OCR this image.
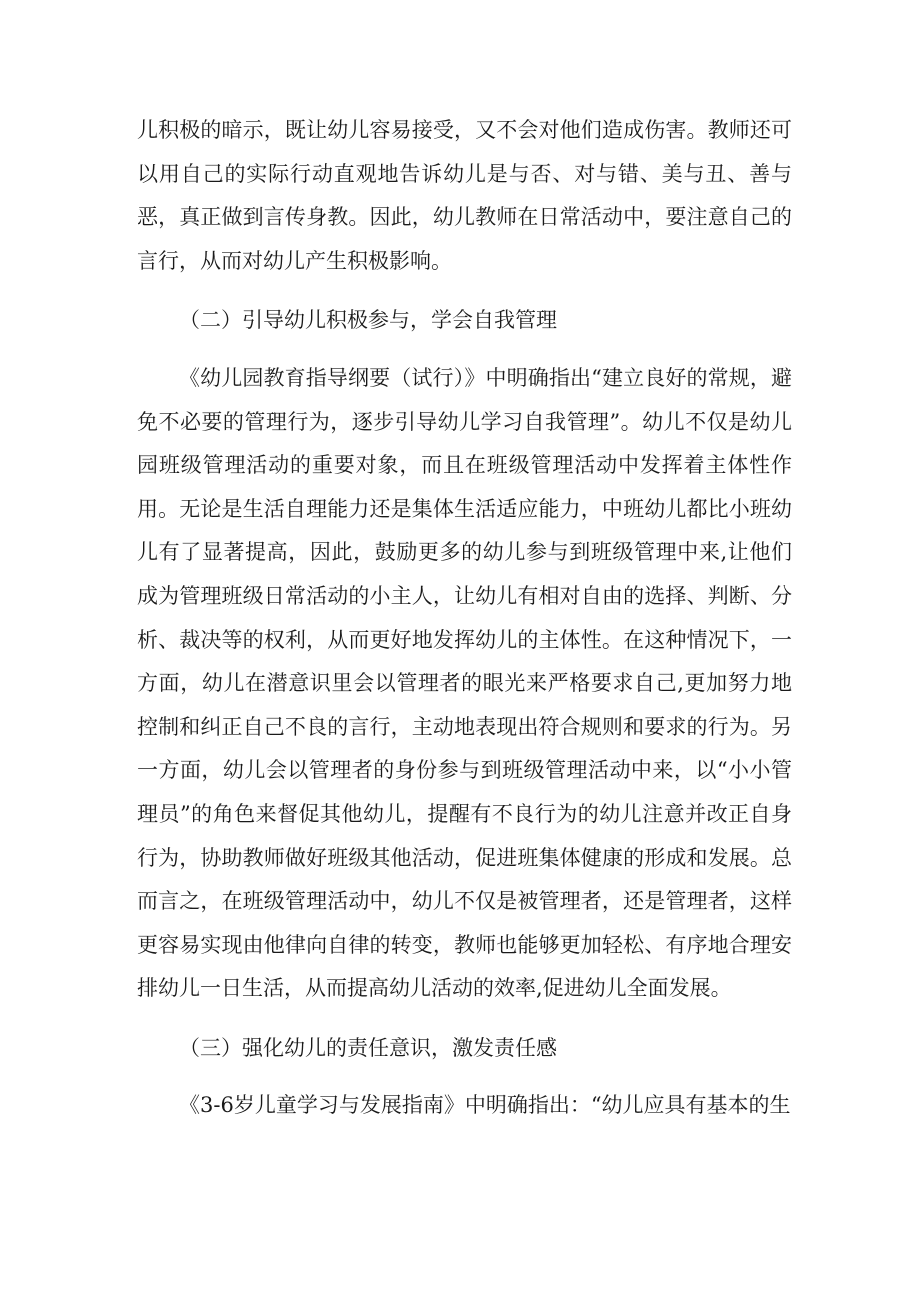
儿积极的暗示，既让幼儿容易接受，又不会对他们造成伤害。教师还可以用自己的实际行动直观地告诉幼儿是与否、对与错、美与丑、善与恶，真正做到言传身教。因此，幼儿教师在日常活动中，要注意自己的言行，从而对幼儿产生积极影响。

（二）引导幼儿积极参与，学会自我管理

《幼儿园教育指导纲要（试行）》中明确指出“建立良好的常规，避免不必要的管理行为，逐步引导幼儿学习自我管理”。幼儿不仅是幼儿园班级管理活动的重要对象，而且在班级管理活动中发挥着主体性作用。无论是生活自理能力还是集体生活适应能力，中班幼儿都比小班幼儿有了显著提高，因此，鼓励更多的幼儿参与到班级管理中来,让他们成为管理班级日常活动的小主人，让幼儿有相对自由的选择、判断、分析、裁决等的权利，从而更好地发挥幼儿的主体性。在这种情况下，一方面，幼儿在潜意识里会以管理者的眼光来严格要求自己,更加努力地控制和纠正自己不良的言行，主动地表现出符合规则和要求的行为。另一方面，幼儿会以管理者的身份参与到班级管理活动中来，以“小小管理员”的角色来督促其他幼儿，提醒有不良行为的幼儿注意并改正自身行为，协助教师做好班级其他活动，促进班集体健康的形成和发展。总而言之，在班级管理活动中，幼儿不仅是被管理者，还是管理者，这样更容易实现由他律向自律的转变，教师也能够更加轻松、有序地合理安排幼儿一日生活，从而提高幼儿活动的效率,促进幼儿全面发展。

（三）强化幼儿的责任意识，激发责任感

《3-6岁儿童学习与发展指南》中明确指出：“幼儿应具有基本的生
